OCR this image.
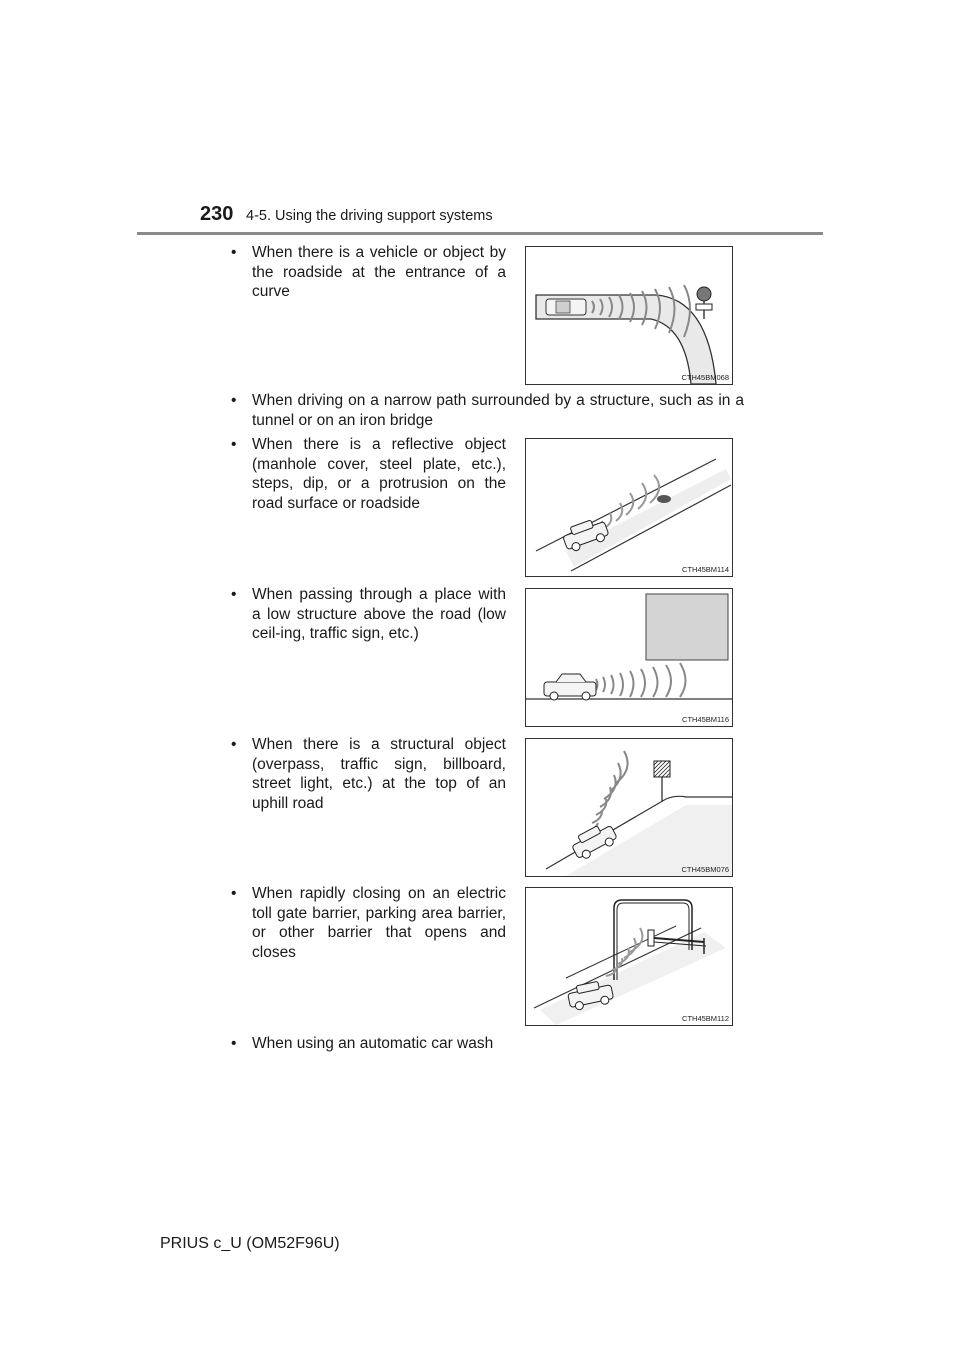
230 4-5. Using the driving support systems
• When there is a vehicle or object by the roadside at the entrance of a curve
CTH45BM068
• When driving on a narrow path surrounded by a structure, such as in a tunnel or on an iron bridge
• When there is a reflective object (manhole cover, steel plate, etc.), steps, dip, or a protrusion on the road surface or roadside
CTH45BM114
• When passing through a place with a low structure above the road (low ceil-ing, traffic sign, etc.)
CTH45BM116
• When there is a structural object (overpass, traffic sign, billboard, street light, etc.) at the top of an uphill road
CTH45BM076
• When rapidly closing on an electric toll gate barrier, parking area barrier, or other barrier that opens and closes
CTH45BM112
• When using an automatic car wash
PRIUS c_U (OM52F96U)
